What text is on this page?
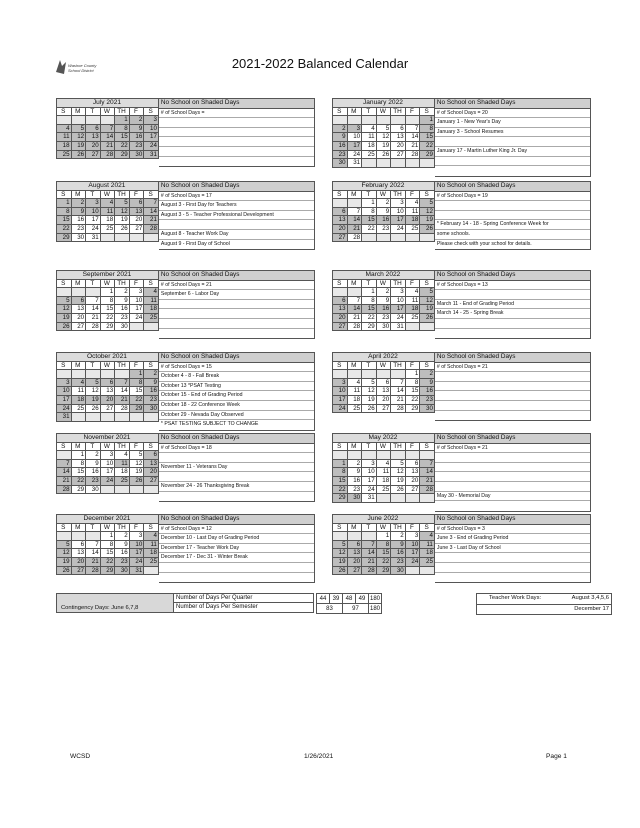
Washoe County
School District	2021-2022 Balanced Calendar
July 2021						
S	M	T	W	TH	F	S
				1	2	3
4	5	6	7	8	9	10
11	12	13	14	15	16	17
18	19	20	21	22	23	24
25	26	27	28	29	30	31
No School on Shaded Days
# of School Days =
January 2022						
S	M	T	W	TH	F	S
						1
2	3	4	5	6	7	8
9	10	11	12	13	14	15
16	17	18	19	20	21	22
23	24	25	26	27	28	29
30	31					
No School on Shaded Days
# of School Days = 20
January 1 - New Year's Day
January 3 - School Resumes
January 17 - Martin Luther King Jr. Day
August 2021						
S	M	T	W	TH	F	S
1	2	3	4	5	6	7
8	9	10	11	12	13	14
15	16	17	18	19	20	21
22	23	24	25	26	27	28
29	30	31				
No School on Shaded Days
# of School Days = 17
August 3 - First Day for Teachers
August 3 - 5 - Teacher Professional Development
August 8 - Teacher Work Day
August 9 - First Day of School
February 2022						
S	M	T	W	TH	F	S
		1	2	3	4	5
6	7	8	9	10	11	12
13	14	15	16	17	18	19
20	21	22	23	24	25	26
27	28					
No School on Shaded Days
# of School Days = 19
* February 14 - 18 - Spring Conference Week for
some schools.
Please check with your school for details.
September 2021						
S	M	T	W	TH	F	S
			1	2	3	4
5	6	7	8	9	10	11
12	13	14	15	16	17	18
19	20	21	22	23	24	25
26	27	28	29	30		
No School on Shaded Days
# of School Days = 21
September 6 - Labor Day
March 2022						
S	M	T	W	TH	F	S
		1	2	3	4	5
6	7	8	9	10	11	12
13	14	15	16	17	18	19
20	21	22	23	24	25	26
27	28	29	30	31		
No School on Shaded Days
# of School Days = 13
March 11 - End of Grading Period
March 14 - 25 - Spring Break
October 2021						
S	M	T	W	TH	F	S
					1	2
3	4	5	6	7	8	9
10	11	12	13	14	15	16
17	18	19	20	21	22	23
24	25	26	27	28	29	30
31						
No School on Shaded Days
# of School Days = 15
October 4 - 8 - Fall Break
October 13 *PSAT Testing
October 15 - End of Grading Period
October 18 - 22 Conference Week
October 29 - Nevada Day Observed
* PSAT TESTING SUBJECT TO CHANGE
April 2022						
S	M	T	W	TH	F	S
					1	2
3	4	5	6	7	8	9
10	11	12	13	14	15	16
17	18	19	20	21	22	23
24	25	26	27	28	29	30
No School on Shaded Days
# of School Days = 21
November 2021						
S	M	T	W	TH	F	S
	1	2	3	4	5	6
7	8	9	10	11	12	13
14	15	16	17	18	19	20
21	22	23	24	25	26	27
28	29	30				
No School on Shaded Days
# of School Days = 18
November 11 - Veterans Day
November 24 - 26 Thanksgiving Break
May 2022						
S	M	T	W	TH	F	S

1	2	3	4	5	6	7
8	9	10	11	12	13	14
15	16	17	18	19	20	21
22	23	24	25	26	27	28
29	30	31				
No School on Shaded Days
# of School Days = 21
May 30 - Memorial Day
December 2021						
S	M	T	W	TH	F	S
			1	2	3	4
5	6	7	8	9	10	11
12	13	14	15	16	17	18
19	20	21	22	23	24	25
26	27	28	29	30	31	
No School on Shaded Days
# of School Days = 12
December 10 - Last Day of Grading Period
December 17 - Teacher Work Day
December 17 - Dec 31 - Winter Break
June 2022						
S	M	T	W	TH	F	S
			1	2	3	4
5	6	7	8	9	10	11
12	13	14	15	16	17	18
19	20	21	22	23	24	25
26	27	28	29	30		
No School on Shaded Days
# of School Days = 3
June 3 - End of Grading Period
June 3 - Last Day of School
Contingency Days: June 6,7,8
Number of Days Per Quarter
Number of Days Per Semester
44	39	48	49	180
83		97		180
Teacher Work Days:	August 3,4,5,6
December 17
WCSD	1/26/2021	Page 1
